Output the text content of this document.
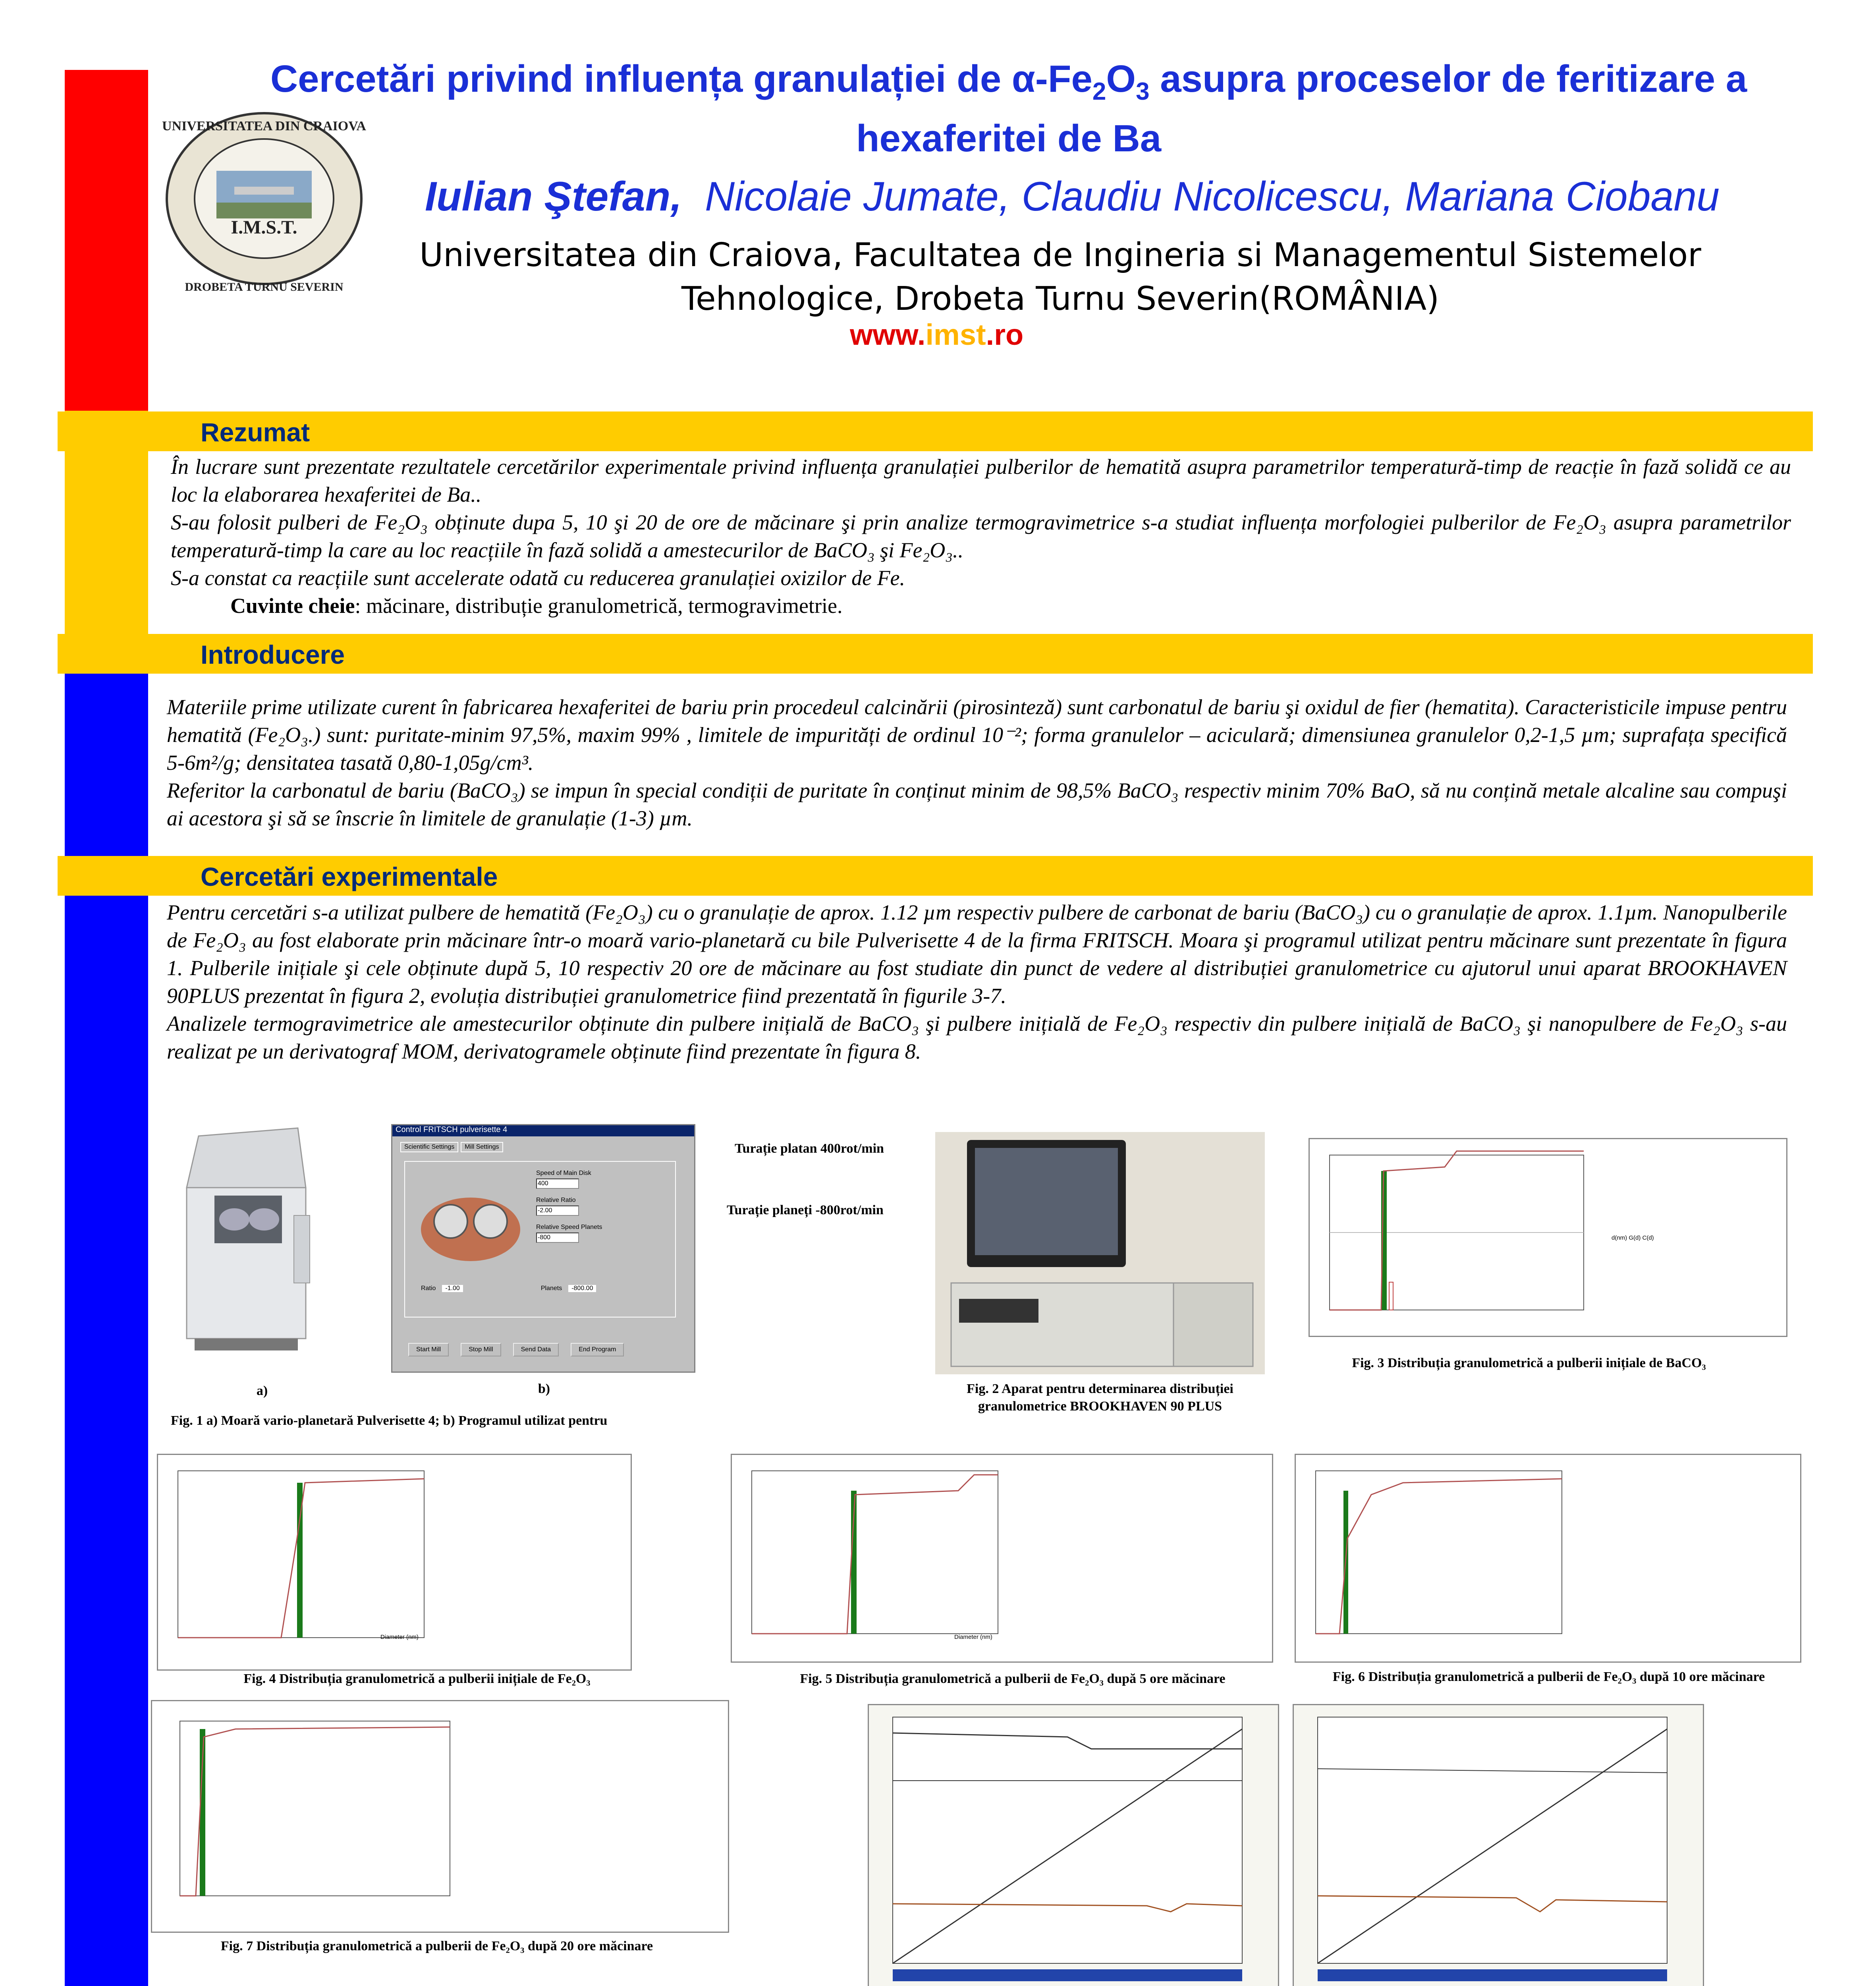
UNIVERSITATEA DIN CRAIOVA
I.M.S.T.
DROBETA TURNU SEVERIN
Cercetări privind influența granulației de $\alpha-Fe_2O_3$ asupra proceselor de feritizare a
hexaferitei de Ba
Iulian Ştefan, Nicolaie Jumate, Claudiu Nicolicescu, Mariana Ciobanu
Universitatea din Craiova, Facultatea de Ingineria si Managementul Sistemelor
Tehnologice, Drobeta Turnu Severin(ROMÂNIA)
www.imst.ro
Rezumat
În lucrare sunt prezentate rezultatele cercetărilor experimentale privind influența granulației pulberilor de hematită asupra parametrilor temperatură-timp de reacție în fază solidă ce au loc la elaborarea hexaferitei de Ba..
S-au folosit pulberi de Fe₂O₃ obținute dupa 5, 10 şi 20 de ore de măcinare şi prin analize termogravimetrice s-a studiat influența morfologiei pulberilor de Fe₂O₃ asupra parametrilor temperatură-timp la care au loc reacțiile în fază solidă a amestecurilor de BaCO₃ şi Fe₂O₃..
S-a constat ca reacțiile sunt accelerate odată cu reducerea granulației oxizilor de Fe.
Cuvinte cheie: măcinare, distribuție granulometrică, termogravimetrie.
Introducere
Materiile prime utilizate curent în fabricarea hexaferitei de bariu prin procedeul calcinării (pirosinteză) sunt carbonatul de bariu şi oxidul de fier (hematita). Caracteristicile impuse pentru hematită (Fe₂O₃.) sunt: puritate-minim 97,5%, maxim 99% , limitele de impurități de ordinul 10⁻²; forma granulelor – aciculară; dimensiunea granulelor 0,2-1,5 µm; suprafața specifică 5-6m²/g; densitatea tasată 0,80-1,05g/cm³.
Referitor la carbonatul de bariu (BaCO₃) se impun în special condiții de puritate în conținut minim de 98,5% BaCO₃ respectiv minim 70% BaO, să nu conțină metale alcaline sau compuşi ai acestora şi să se înscrie în limitele de granulație (1-3) µm.
Cercetări experimentale
Pentru cercetări s-a utilizat pulbere de hematită (Fe₂O₃) cu o granulație de aprox. 1.12 µm respectiv pulbere de carbonat de bariu (BaCO₃) cu o granulație de aprox. 1.1µm. Nanopulberile de Fe₂O₃ au fost elaborate prin măcinare într-o moară vario-planetară cu bile Pulverisette 4 de la firma FRITSCH. Moara şi programul utilizat pentru măcinare sunt prezentate în figura 1. Pulberile inițiale şi cele obținute după 5, 10 respectiv 20 ore de măcinare au fost studiate din punct de vedere al distribuției granulometrice cu ajutorul unui aparat BROOKHAVEN 90PLUS prezentat în figura 2, evoluția distribuției granulometrice fiind prezentată în figurile 3-7.
Analizele termogravimetrice ale amestecurilor obținute din pulbere inițială de BaCO₃ şi pulbere inițială de Fe₂O₃ respectiv din pulbere inițială de BaCO₃ şi nanopulbere de Fe₂O₃ s-au realizat pe un derivatograf MOM, derivatogramele obținute fiind prezentate în figura 8.
a)
Control FRITSCH pulverisette 4
Scientific Settings	Mill Settings
Speed of Main Disk
400
Relative Ratio
-2.00
Relative Speed Planets
-800
Ratio	-1.00	Planets	-800.00
Start Mill	Stop Mill	Send Data	End Program
b)
Fig. 1 a) Moară vario-planetară Pulverisette 4; b) Programul utilizat pentru
Turație platan 400rot/min
Turație planeți -800rot/min
Fig. 2 Aparat pentru determinarea distribuției
granulometrice BROOKHAVEN 90 PLUS
d(nm) G(d) C(d)
Fig. 3 Distribuția granulometrică a pulberii inițiale de BaCO₃
Diameter (nm)
Fig. 4 Distribuția granulometrică a pulberii inițiale de Fe₂O₃
Diameter (nm)
Fig. 5 Distribuția granulometrică a pulberii de Fe₂O₃ după 5 ore măcinare	Fig. 6 Distribuția granulometrică a pulberii de Fe₂O₃ după 10 ore măcinare
Fig. 7 Distribuția granulometrică a pulberii de Fe₂O₃ după 20 ore măcinare
